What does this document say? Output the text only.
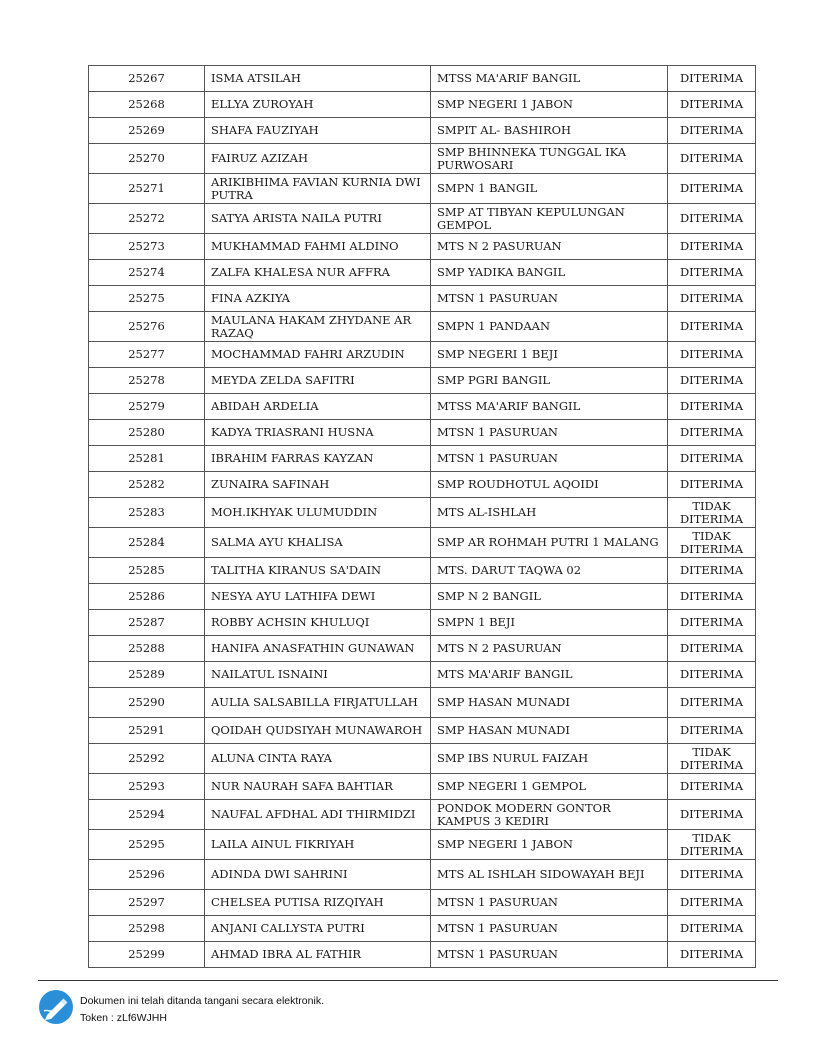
25267	ISMA ATSILAH	MTSS MA'ARIF BANGIL	DITERIMA
25268	ELLYA ZUROYAH	SMP NEGERI 1 JABON	DITERIMA
25269	SHAFA FAUZIYAH	SMPIT AL- BASHIROH	DITERIMA
25270	FAIRUZ AZIZAH	SMP BHINNEKA TUNGGAL IKA PURWOSARI	DITERIMA
25271	ARIKIBHIMA FAVIAN KURNIA DWI PUTRA	SMPN 1 BANGIL	DITERIMA
25272	SATYA ARISTA NAILA PUTRI	SMP AT TIBYAN KEPULUNGAN GEMPOL	DITERIMA
25273	MUKHAMMAD FAHMI ALDINO	MTS N 2 PASURUAN	DITERIMA
25274	ZALFA KHALESA NUR AFFRA	SMP YADIKA BANGIL	DITERIMA
25275	FINA AZKIYA	MTSN 1 PASURUAN	DITERIMA
25276	MAULANA HAKAM ZHYDANE AR RAZAQ	SMPN 1 PANDAAN	DITERIMA
25277	MOCHAMMAD FAHRI ARZUDIN	SMP NEGERI 1 BEJI	DITERIMA
25278	MEYDA ZELDA SAFITRI	SMP PGRI BANGIL	DITERIMA
25279	ABIDAH ARDELIA	MTSS MA'ARIF BANGIL	DITERIMA
25280	KADYA TRIASRANI HUSNA	MTSN 1 PASURUAN	DITERIMA
25281	IBRAHIM FARRAS KAYZAN	MTSN 1 PASURUAN	DITERIMA
25282	ZUNAIRA SAFINAH	SMP ROUDHOTUL AQOIDI	DITERIMA
25283	MOH.IKHYAK ULUMUDDIN	MTS AL-ISHLAH	TIDAK DITERIMA
25284	SALMA AYU KHALISA	SMP AR ROHMAH PUTRI 1 MALANG	TIDAK DITERIMA
25285	TALITHA KIRANUS SA'DAIN	MTS. DARUT TAQWA 02	DITERIMA
25286	NESYA AYU LATHIFA DEWI	SMP N 2 BANGIL	DITERIMA
25287	ROBBY ACHSIN KHULUQI	SMPN 1 BEJI	DITERIMA
25288	HANIFA ANASFATHIN GUNAWAN	MTS N 2 PASURUAN	DITERIMA
25289	NAILATUL ISNAINI	MTS MA'ARIF BANGIL	DITERIMA
25290	AULIA SALSABILLA FIRJATULLAH	SMP HASAN MUNADI	DITERIMA
25291	QOIDAH QUDSIYAH MUNAWAROH	SMP HASAN MUNADI	DITERIMA
25292	ALUNA CINTA RAYA	SMP IBS NURUL FAIZAH	TIDAK DITERIMA
25293	NUR NAURAH SAFA BAHTIAR	SMP NEGERI 1 GEMPOL	DITERIMA
25294	NAUFAL AFDHAL ADI THIRMIDZI	PONDOK MODERN GONTOR KAMPUS 3 KEDIRI	DITERIMA
25295	LAILA AINUL FIKRIYAH	SMP NEGERI 1 JABON	TIDAK DITERIMA
25296	ADINDA DWI SAHRINI	MTS AL ISHLAH SIDOWAYAH BEJI	DITERIMA
25297	CHELSEA PUTISA RIZQIYAH	MTSN 1 PASURUAN	DITERIMA
25298	ANJANI CALLYSTA PUTRI	MTSN 1 PASURUAN	DITERIMA
25299	AHMAD IBRA AL FATHIR	MTSN 1 PASURUAN	DITERIMA
Dokumen ini telah ditanda tangani secara elektronik.
Token : zLf6WJHH
